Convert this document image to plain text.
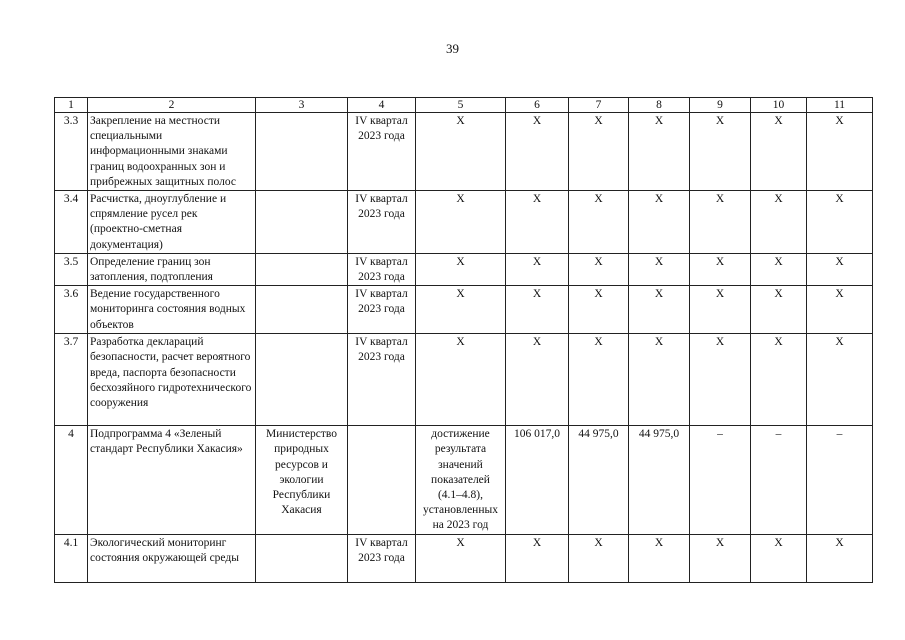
39
1	2	3	4	5	6	7	8	9	10	11
3.3	Закрепление на местности специальными информационными знаками границ водоохранных зон и прибрежных защитных полос		IV квартал 2023 года	X	X	X	X	X	X	X
3.4	Расчистка, дноуглубление и спрямление русел рек (проектно-сметная документация)		IV квартал 2023 года	X	X	X	X	X	X	X
3.5	Определение границ зон затопления, подтопления		IV квартал 2023 года	X	X	X	X	X	X	X
3.6	Ведение государственного мониторинга состояния водных объектов		IV квартал 2023 года	X	X	X	X	X	X	X
3.7	Разработка деклараций безопасности, расчет вероятного вреда, паспорта безопасности бесхозяйного гидротехнического сооружения		IV квартал 2023 года	X	X	X	X	X	X	X
4	Подпрограмма 4 «Зеленый стандарт Республики Хакасия»	Министерство природных ресурсов и экологии Республики Хакасия		достижение результата значений показателей (4.1–4.8), установленных на 2023 год	106 017,0	44 975,0	44 975,0	–	–	–
4.1	Экологический мониторинг состояния окружающей среды		IV квартал 2023 года	X	X	X	X	X	X	X
